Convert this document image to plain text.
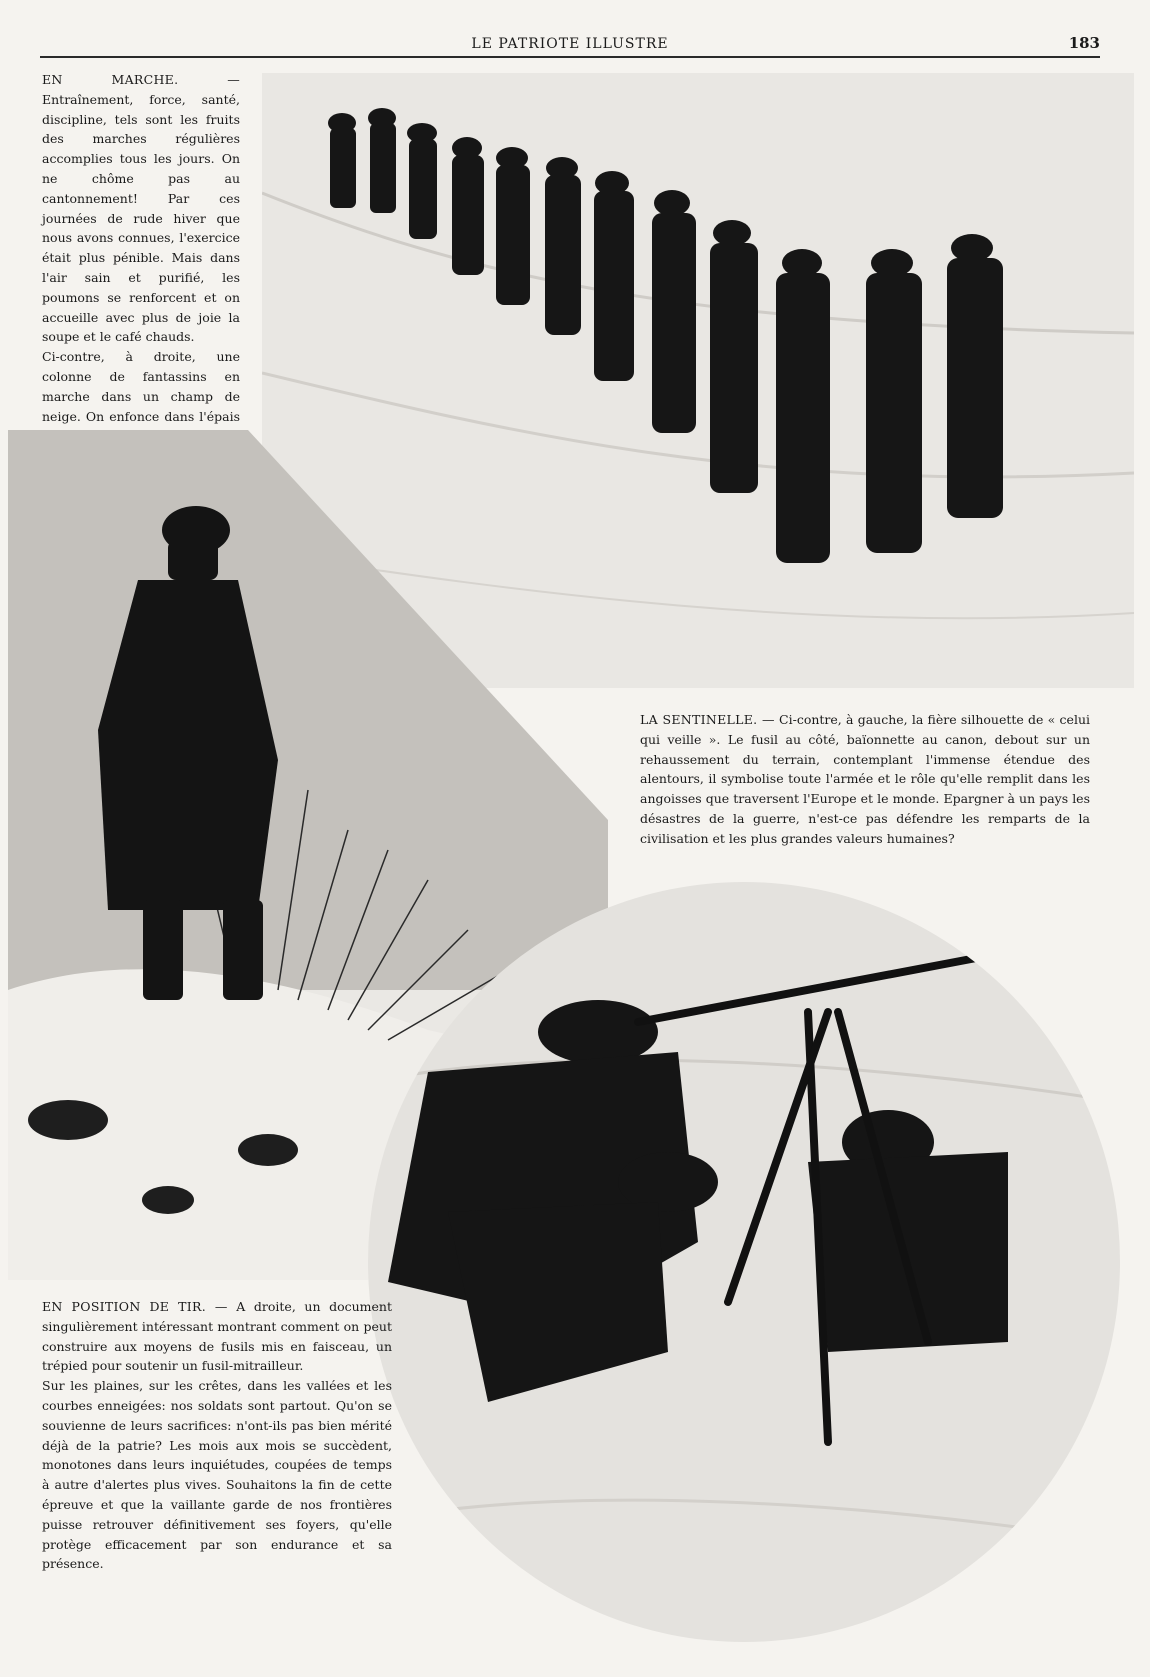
LE PATRIOTE ILLUSTRE	183

EN MARCHE. — Entraînement, force, santé, discipline, tels sont les fruits des marches régulières accomplies tous les jours. On ne chôme pas au cantonnement! Par ces journées de rude hiver que nous avons connues, l'exercice était plus pénible. Mais dans l'air sain et purifié, les poumons se renforcent et on accueille avec plus de joie la soupe et le café chauds.

Ci-contre, à droite, une colonne de fantassins en marche dans un champ de neige. On enfonce dans l'épais

LA SENTINELLE. — Ci-contre, à gauche, la fière silhouette de « celui qui veille ». Le fusil au côté, baïonnette au canon, debout sur un rehaussement du terrain, contemplant l'immense étendue des alentours, il symbolise toute l'armée et le rôle qu'elle remplit dans les angoisses que traversent l'Europe et le monde. Epargner à un pays les désastres de la guerre, n'est-ce pas défendre les remparts de la civilisation et les plus grandes valeurs humaines?

EN POSITION DE TIR. — A droite, un document singulièrement intéressant montrant comment on peut construire aux moyens de fusils mis en faisceau, un trépied pour soutenir un fusil-mitrailleur.

Sur les plaines, sur les crêtes, dans les vallées et les courbes enneigées: nos soldats sont partout. Qu'on se souvienne de leurs sacrifices: n'ont-ils pas bien mérité déjà de la patrie? Les mois aux mois se succèdent, monotones dans leurs inquiétudes, coupées de temps à autre d'alertes plus vives. Souhaitons la fin de cette épreuve et que la vaillante garde de nos frontières puisse retrouver définitivement ses foyers, qu'elle protège efficacement par son endurance et sa présence.
